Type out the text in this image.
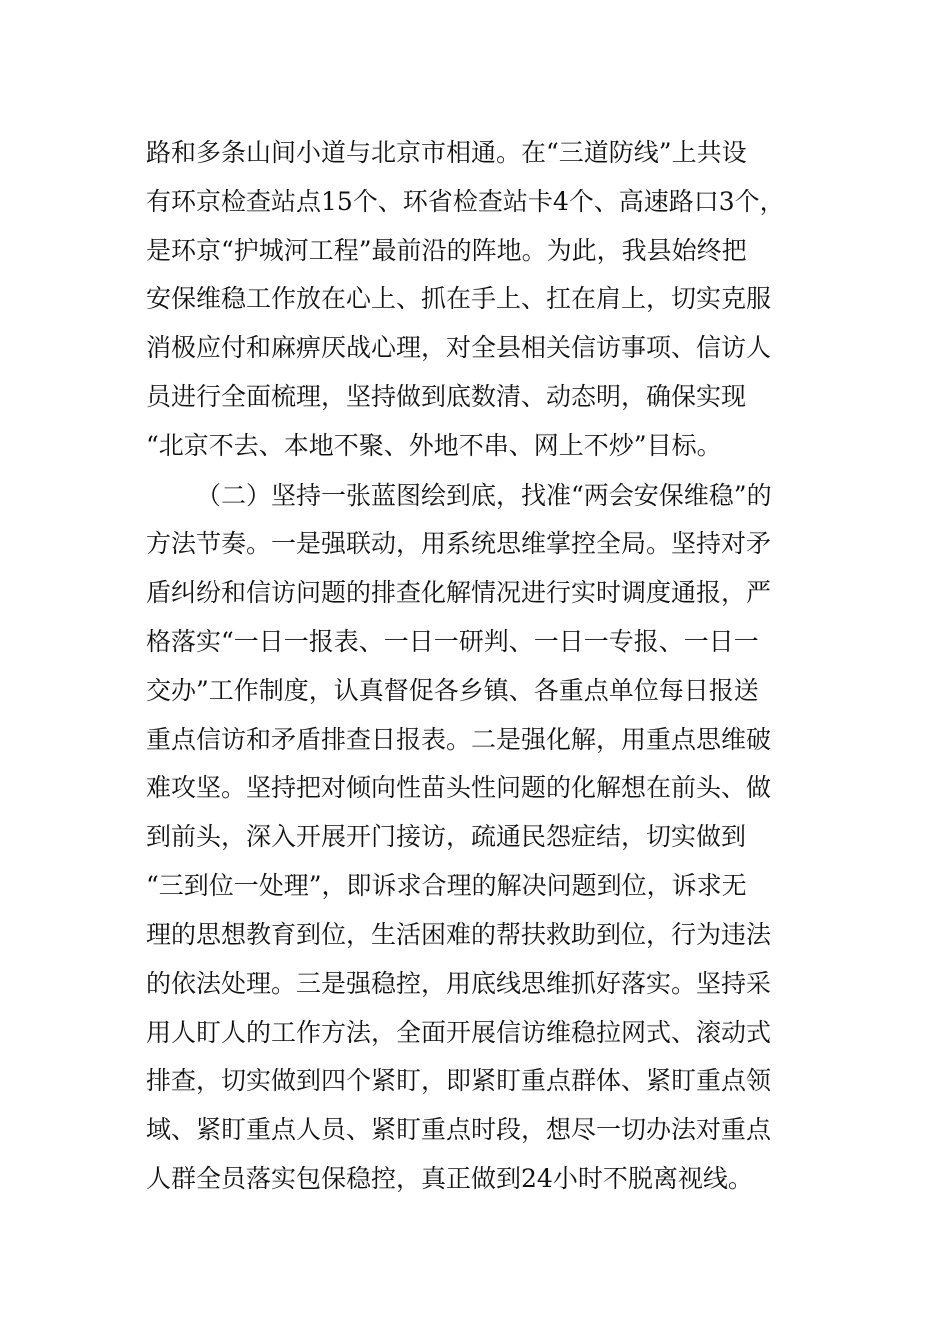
路和多条山间小道与北京市相通。在“三道防线”上共设

有环京检查站点15个、环省检查站卡4个、高速路口3个，

是环京“护城河工程”最前沿的阵地。为此，我县始终把

安保维稳工作放在心上、抓在手上、扛在肩上，切实克服

消极应付和麻痹厌战心理，对全县相关信访事项、信访人

员进行全面梳理，坚持做到底数清、动态明，确保实现

“北京不去、本地不聚、外地不串、网上不炒”目标。

（二）坚持一张蓝图绘到底，找准“两会安保维稳”的

方法节奏。一是强联动，用系统思维掌控全局。坚持对矛

盾纠纷和信访问题的排查化解情况进行实时调度通报，严

格落实“一日一报表、一日一研判、一日一专报、一日一

交办”工作制度，认真督促各乡镇、各重点单位每日报送

重点信访和矛盾排查日报表。二是强化解，用重点思维破

难攻坚。坚持把对倾向性苗头性问题的化解想在前头、做

到前头，深入开展开门接访，疏通民怨症结，切实做到

“三到位一处理”，即诉求合理的解决问题到位，诉求无

理的思想教育到位，生活困难的帮扶救助到位，行为违法

的依法处理。三是强稳控，用底线思维抓好落实。坚持采

用人盯人的工作方法，全面开展信访维稳拉网式、滚动式

排查，切实做到四个紧盯，即紧盯重点群体、紧盯重点领

域、紧盯重点人员、紧盯重点时段，想尽一切办法对重点

人群全员落实包保稳控，真正做到24小时不脱离视线。
